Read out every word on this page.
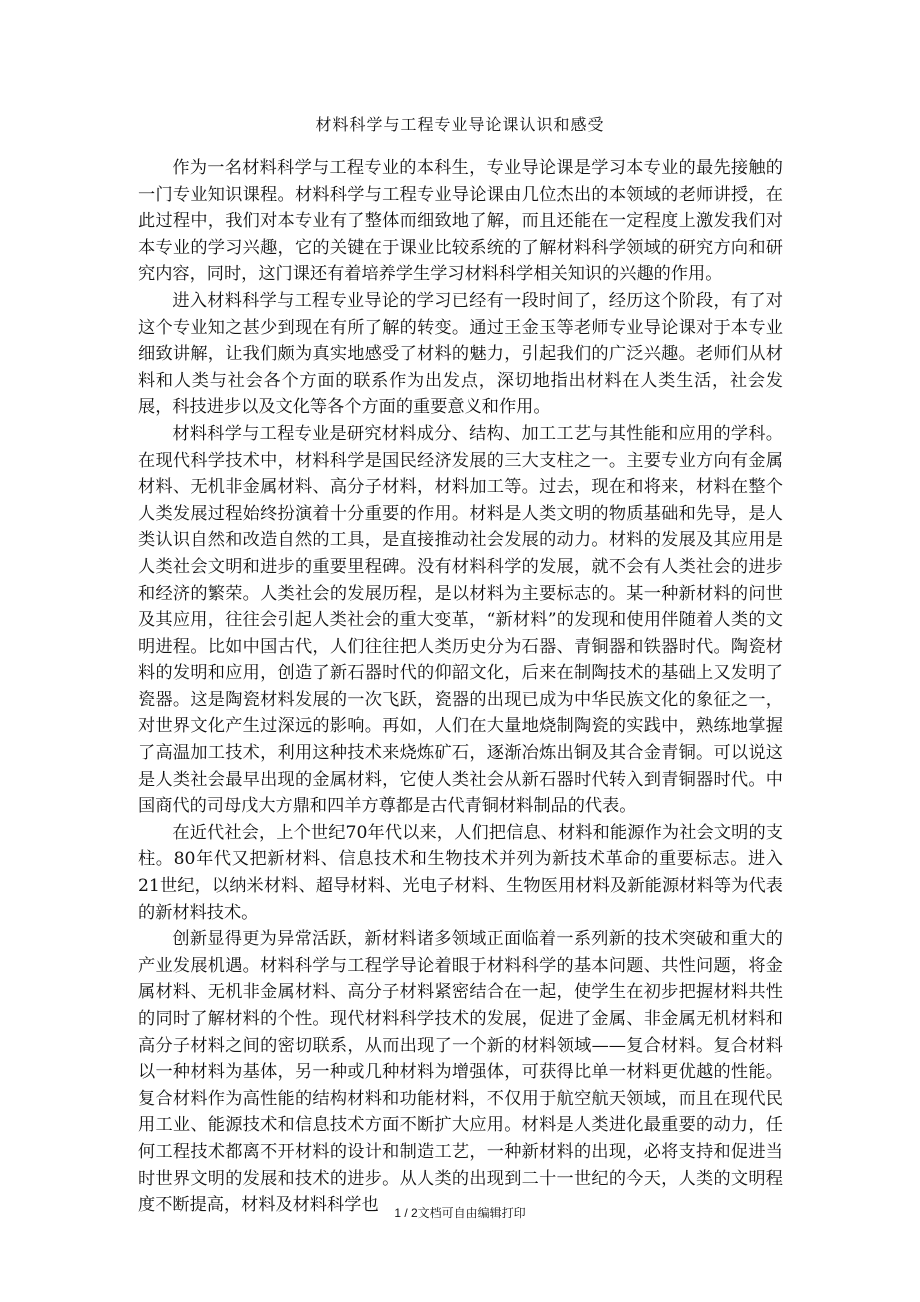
材料科学与工程专业导论课认识和感受

作为一名材料科学与工程专业的本科生，专业导论课是学习本专业的最先接触的一门专业知识课程。材料科学与工程专业导论课由几位杰出的本领域的老师讲授，在此过程中，我们对本专业有了整体而细致地了解，而且还能在一定程度上激发我们对本专业的学习兴趣，它的关键在于课业比较系统的了解材料科学领域的研究方向和研究内容，同时，这门课还有着培养学生学习材料科学相关知识的兴趣的作用。

进入材料科学与工程专业导论的学习已经有一段时间了，经历这个阶段，有了对这个专业知之甚少到现在有所了解的转变。通过王金玉等老师专业导论课对于本专业细致讲解，让我们颇为真实地感受了材料的魅力，引起我们的广泛兴趣。老师们从材料和人类与社会各个方面的联系作为出发点，深切地指出材料在人类生活，社会发展，科技进步以及文化等各个方面的重要意义和作用。

材料科学与工程专业是研究材料成分、结构、加工工艺与其性能和应用的学科。在现代科学技术中，材料科学是国民经济发展的三大支柱之一。主要专业方向有金属材料、无机非金属材料、高分子材料，材料加工等。过去，现在和将来，材料在整个人类发展过程始终扮演着十分重要的作用。材料是人类文明的物质基础和先导，是人类认识自然和改造自然的工具，是直接推动社会发展的动力。材料的发展及其应用是人类社会文明和进步的重要里程碑。没有材料科学的发展，就不会有人类社会的进步和经济的繁荣。人类社会的发展历程，是以材料为主要标志的。某一种新材料的问世及其应用，往往会引起人类社会的重大变革，“新材料”的发现和使用伴随着人类的文明进程。比如中国古代，人们往往把人类历史分为石器、青铜器和铁器时代。陶瓷材料的发明和应用，创造了新石器时代的仰韶文化，后来在制陶技术的基础上又发明了瓷器。这是陶瓷材料发展的一次飞跃，瓷器的出现已成为中华民族文化的象征之一，对世界文化产生过深远的影响。再如，人们在大量地烧制陶瓷的实践中，熟练地掌握了高温加工技术，利用这种技术来烧炼矿石，逐渐冶炼出铜及其合金青铜。可以说这是人类社会最早出现的金属材料，它使人类社会从新石器时代转入到青铜器时代。中国商代的司母戊大方鼎和四羊方尊都是古代青铜材料制品的代表。

在近代社会，上个世纪70年代以来，人们把信息、材料和能源作为社会文明的支柱。80年代又把新材料、信息技术和生物技术并列为新技术革命的重要标志。进入21世纪，以纳米材料、超导材料、光电子材料、生物医用材料及新能源材料等为代表的新材料技术。

创新显得更为异常活跃，新材料诸多领域正面临着一系列新的技术突破和重大的产业发展机遇。材料科学与工程学导论着眼于材料科学的基本问题、共性问题，将金属材料、无机非金属材料、高分子材料紧密结合在一起，使学生在初步把握材料共性的同时了解材料的个性。现代材料科学技术的发展，促进了金属、非金属无机材料和高分子材料之间的密切联系，从而出现了一个新的材料领域——复合材料。复合材料以一种材料为基体，另一种或几种材料为增强体，可获得比单一材料更优越的性能。复合材料作为高性能的结构材料和功能材料，不仅用于航空航天领域，而且在现代民用工业、能源技术和信息技术方面不断扩大应用。材料是人类进化最重要的动力，任何工程技术都离不开材料的设计和制造工艺，一种新材料的出现，必将支持和促进当时世界文明的发展和技术的进步。从人类的出现到二十一世纪的今天，人类的文明程度不断提高，材料及材料科学也	1 / 2文档可自由编辑打印
